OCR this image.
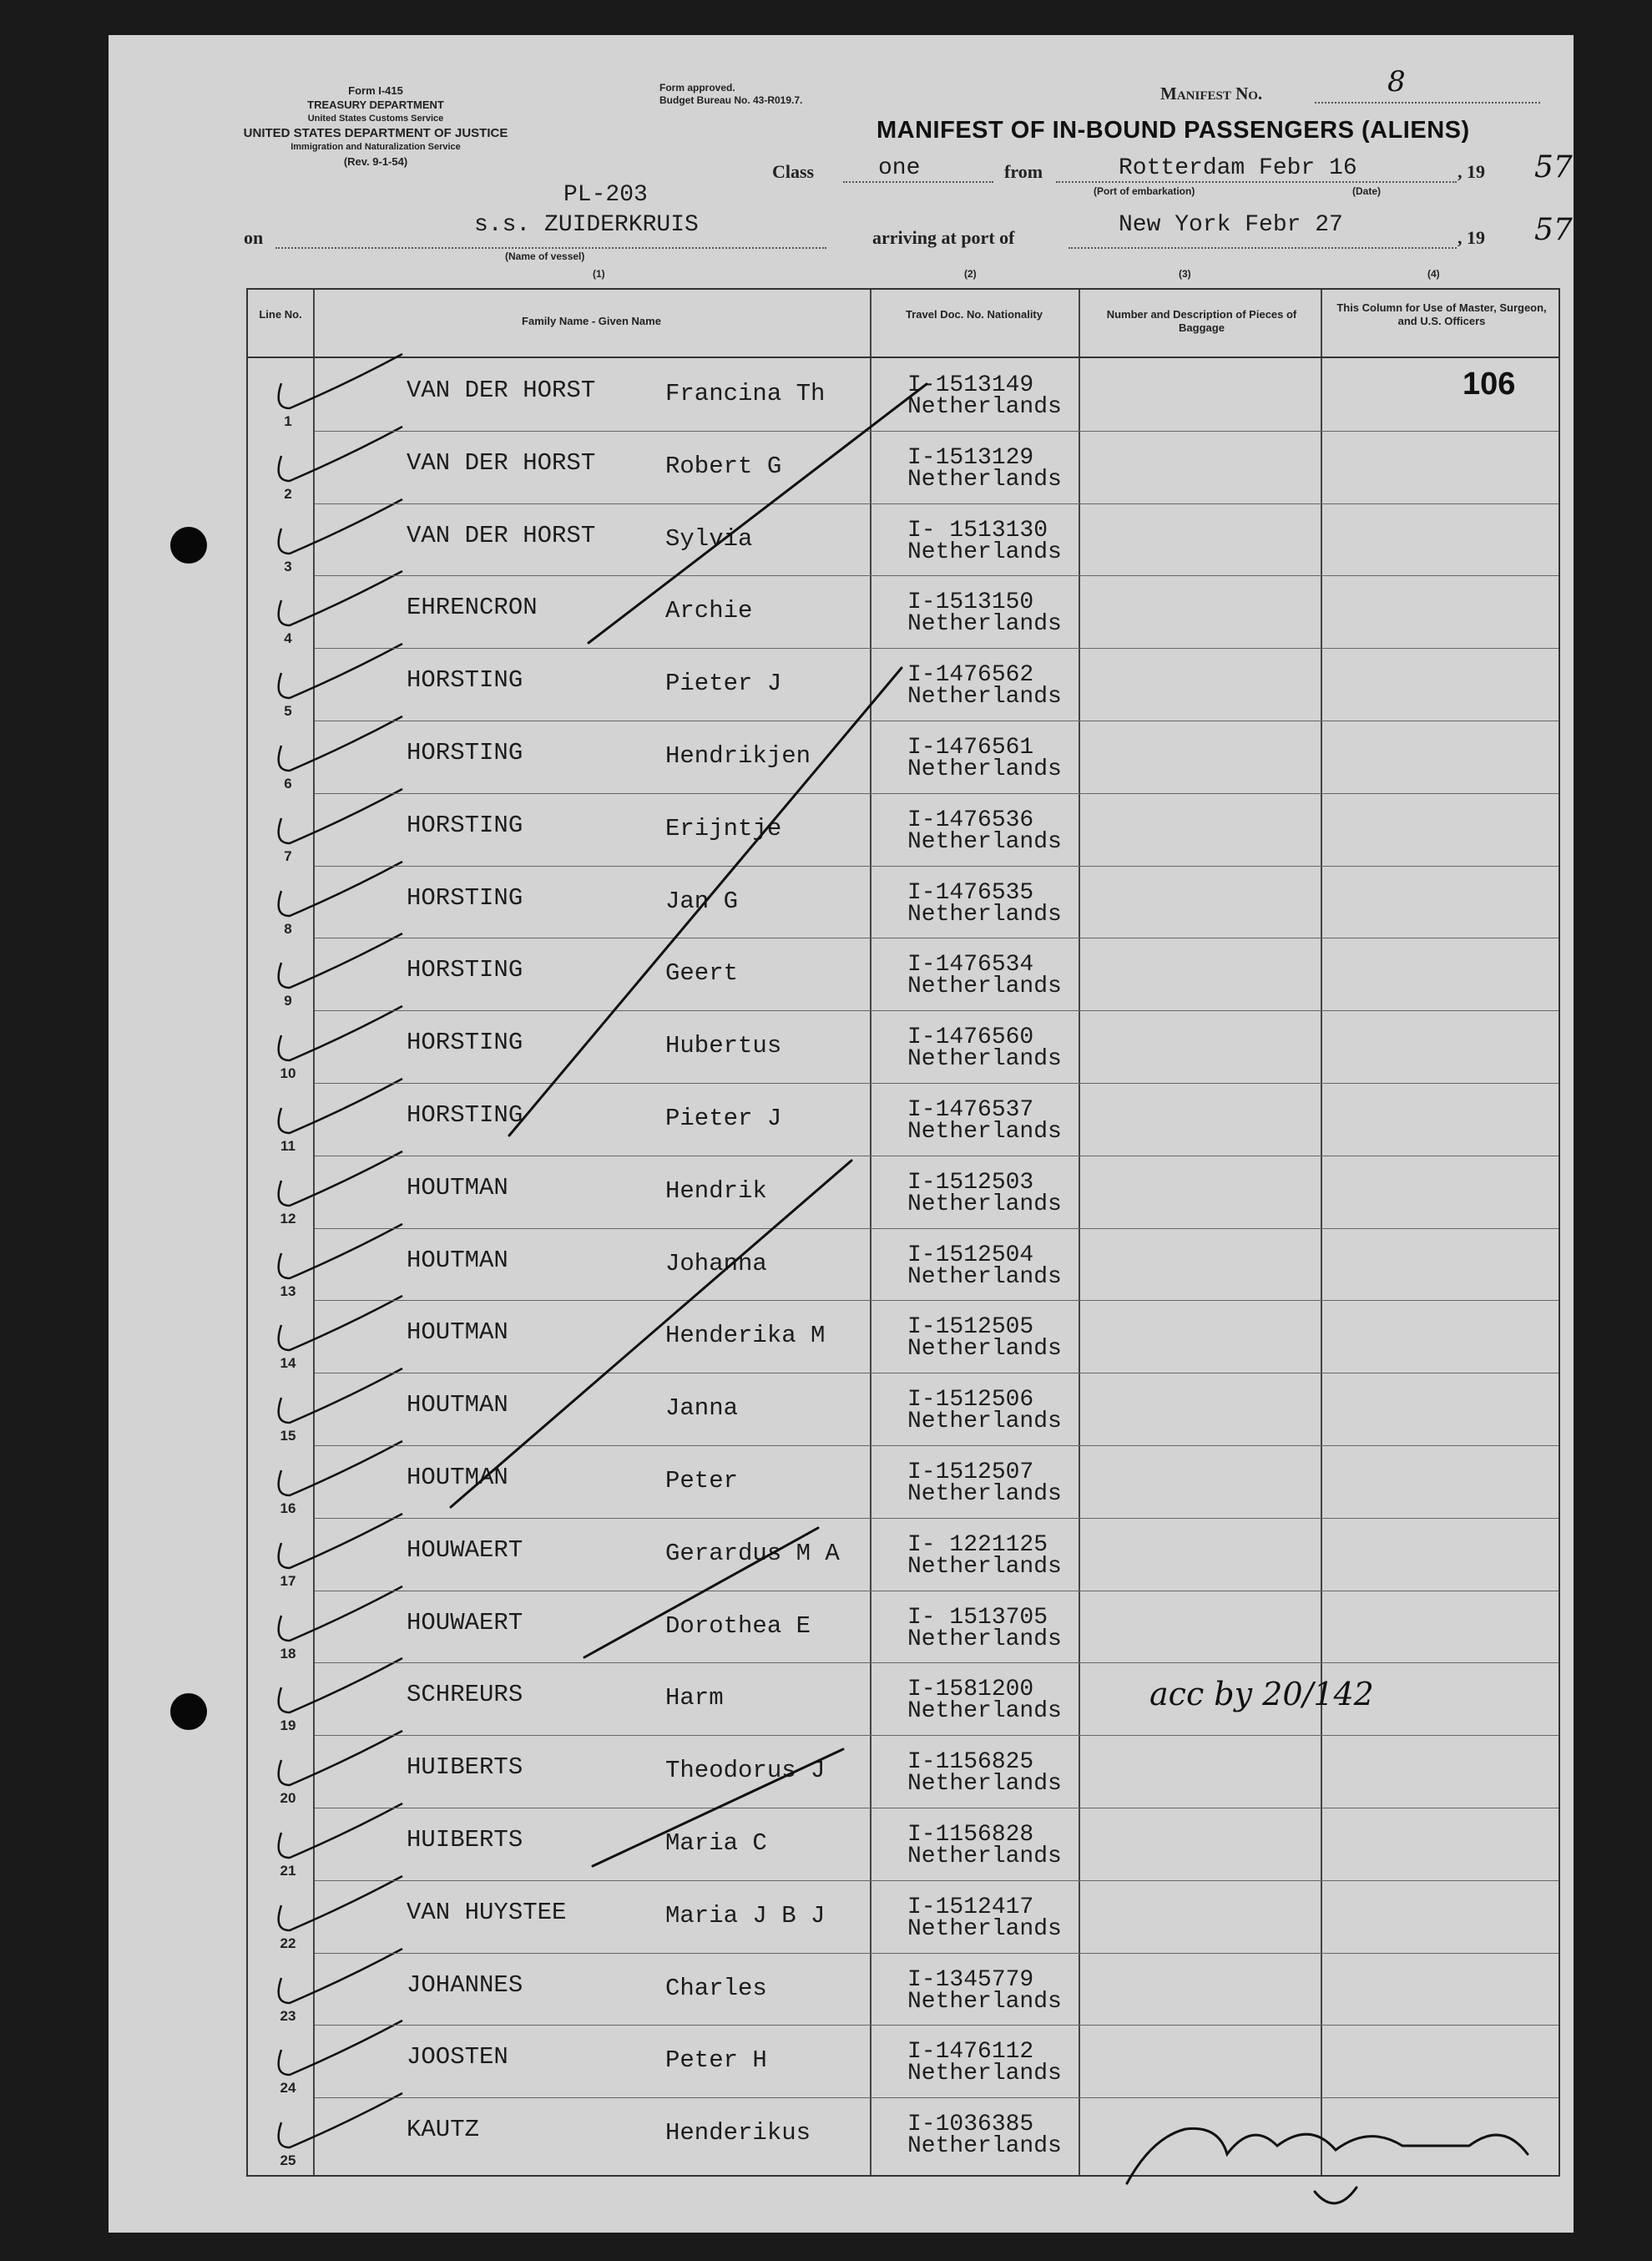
Form I-415
TREASURY DEPARTMENT
United States Customs Service
UNITED STATES DEPARTMENT OF JUSTICE
Immigration and Naturalization Service
(Rev. 9-1-54)
Form approved.
Budget Bureau No. 43-R019.7.	Manifest No.	8
MANIFEST OF IN-BOUND PASSENGERS (ALIENS)
Class	one	from	Rotterdam Febr 16
(Port of embarkation)	(Date)
, 19 57
PL-203
on	s.s. ZUIDERKRUIS
(Name of vessel)
arriving at port of	New York Febr 27	, 19 57
(1)	(2)	(3)	(4)
Line No.
Family Name - Given Name
Travel Doc. No. Nationality	Number and Description of Pieces of Baggage
This Column for Use of Master, Surgeon, and U.S. Officers
1
VAN DER HORST	Francina Th	I-1513149
Netherlands
106
2
VAN DER HORST	Robert G	I-1513129
Netherlands
3
VAN DER HORST	Sylvia	I- 1513130
Netherlands
4
EHRENCRON	Archie	I-1513150
Netherlands
5
HORSTING	Pieter J	I-1476562
Netherlands
6
HORSTING	Hendrikjen	I-1476561
Netherlands
7
HORSTING	Erijntje	I-1476536
Netherlands
8
HORSTING	Jan G	I-1476535
Netherlands
9
HORSTING	Geert	I-1476534
Netherlands
10
HORSTING	Hubertus	I-1476560
Netherlands
11
HORSTING	Pieter J	I-1476537
Netherlands
12
HOUTMAN	Hendrik	I-1512503
Netherlands
13
HOUTMAN	Johanna	I-1512504
Netherlands
14
HOUTMAN	Henderika M	I-1512505
Netherlands
15
HOUTMAN	Janna	I-1512506
Netherlands
16
HOUTMAN	Peter	I-1512507
Netherlands
17
HOUWAERT	Gerardus M A	I- 1221125
Netherlands
18
HOUWAERT	Dorothea E	I- 1513705
Netherlands
19
SCHREURS	Harm	I-1581200
Netherlands	acc by 20/142
20
HUIBERTS	Theodorus J	I-1156825
Netherlands
21
HUIBERTS	Maria C	I-1156828
Netherlands
22
VAN HUYSTEE	Maria J B J	I-1512417
Netherlands
23
JOHANNES	Charles	I-1345779
Netherlands
24
JOOSTEN	Peter H	I-1476112
Netherlands
25
KAUTZ	Henderikus	I-1036385
Netherlands
